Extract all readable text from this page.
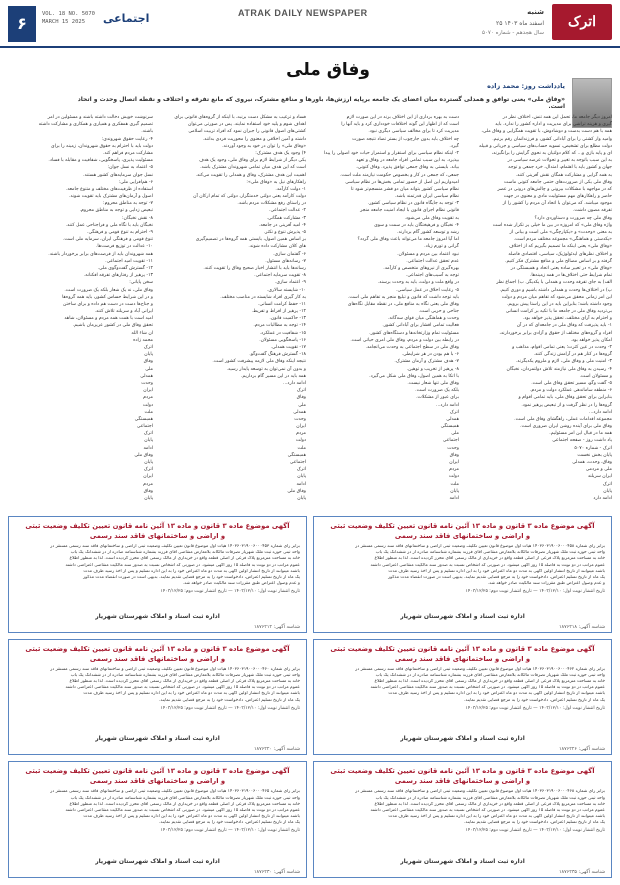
۶	VOL. 18 NO. 5070
MARCH 15 2025	اجتماعی	ATRAK DAILY NEWSPAPER
اترک
شنبه
۲۵ اسفند ماه ۱۴۰۳
سال هجدهم - شماره ۵۰۷۰
وفاق ملی
یادداشت روز: محمد زاده
«وفاق ملی» یعنی توافق و همدلی گسترده میان اعضای یک جامعه برپایه ارزش‌ها، باورها و منافع مشترک، نیروی که مانع تفرقه و اختلاف و نقطه اتصال وحدت و اتحاد است.
امروز دیگر جامعه ما، تحمل این همه تنش، اختلاف نظر در
گیری و هزینه تراشی برای مدیریت و اداره کشور را ندارد. باید
همه با هم دست بدست و دوشادوش، با تقویت همگرایی و وفاق ملی،
وامید وار کشتی را برای آبادانی کشور، و فرزندانمان رقم بزنیم.
دولت مطلع برای تشخیص، تسویه حساب‌های سیاسی و جریانی و قبیله
ای و پایه بازی و... که کلام دولتیان به نحوی گرایش را برانگیزند،
به این سبب باتوجه به تغییر و تحولات عرصه سیاسی در
جهان و کشور باید با اهتمام، امتدال، خرد جمعی و توجه
به همه گرایی و مشارکت همگان نقش آفرینی کنند.
وفاق ملی یکی از ضرورت‌های حتمی جامعه کنونی ماست
که در مواجهه با مشکلات بیرونی و چالش‌های درونی در عصر
حاضر و راهکارهای مهم مسئولیت مادی و معنوی در جهت
موجود میباشد. که می‌توان با اتحاد آن مردم را کشور را از
تفرقه مصون داشت.
وفاق ملی چه ضرورت و دستاوردی دارد؟
واژه وفاق ملی» که امروزه در بین ما خیلی پر تکرار شده است
به معنی «وحدت» و «یکپارچگی» ملی است و بیانی از
«یکدستی و هماهنگی» مجموعه مختلف مردم است.
«وفاق ملی» یعنی اینکه ما تصمیم بگیریم که از اختلاف
و اختلاف نظرهای ایدئولوژیک، سیاسی، اقتصادی فاصله
گرفته و بر اساس مصالح ملی و منافع مشترک فکر کنیم.
«وفاق ملی» در تعبیر ساده یعنی اتحاد و همبستگی در
تمام شرایط حتی اختلاف‌ها در همه زمینه‌ها.
الف) به جای تفرقه وحدت و همدلی با یکدیگر. ب) اجماع نظر
پ) در اختلاف‌ها وحدت و همدلی داشته باشیم و دوری کنیم.
این امر زمانی محقق می‌شود که تفاهم میان مردم و دولت
وجود داشته باشد؛ بنابراین باید در این راستا پیش برویم.
بی‌تردید وفاق ملی در جامعه ما با تکیه بر کرامت انسانی
و احترام به آرای مختلف، تحقق پذیر خواهد بود.
۱- باید پذیرفت که وفاق ملی در جامعه‌ای که در آن
افراد و گروه‌های مختلف از حقوق و آزادی برابر برخوردارند،
امکان پذیر خواهد بود.
۲- وحدت در عین کثرت؛ یعنی تمامی اقوام، مذاهب و
گروه‌ها در کنار هم در آرامش زندگی کنند.
۳- امنیت ملی و وفاق ملی، لازم و ملزوم یکدیگرند.
۴- رسیدن به وفاق ملی نیازمند تلاش دولتمردان، نخبگان
و مسئولان است.
۵- گفت وگو، مسیر تحقق وفاق ملی است.
۶- منطقه ساماندهی عملکرد دولت و مردم.
بنابراین برای تحقق وفاق ملی، باید تمامی اقوام و
گروه‌ها را در نظر گرفت و از تبعیض پرهیز نمود.
ادامه دارد...
مجموعه اقدامات عملی، راهگشای وفاق ملی است.
وفاق ملی برای آینده روشن ایران ضروری است.
همه ما در قبال این امر مسئولیم.
یاد داشت روز - صفحه اجتماعی
اترک - شماره ۵۰۷۰
پایان بخش نخست
وفاق، وحدت، همدلی
ملی و مردمی
ایران سربلند
اترک
پایان
ادامه دارد
دست به بهره برداری از این اختلاف بزند در این صورت لازم
است که از اظهار این گونه اختلافات خودداری کرد و باید آنها را
مدیریت کرد تا برای مخالف سیاسی دیگری نبود.
چه اختلاف باید بدون جارچوب از بستر تضاد نتیجه صورت
گیرد.
۲- اینکه نظام سیاسی برای استقرار و استمرار حیات خود اصولی را پیدا
بپذیرد. به این سبب تمامی افراد جامعه در وفاق و تعهد
بیاند. بایستی به وفاق جمعی توافق پذیرد. وفاق کنونی،
جمعی، که جمعی در کار و بخصوص حکومت نیازمند ملت است.
امیدواریم این اصل از حضور تمامی بخش‌ها در نظام سیاسی
نظام سیاسی کشور بتواند میان دو قشر منسجم‌تر شود تا
نظام سیاسی ایران قدرتمند باشد.
۳- توجه به جایگاه قانون در نظام سیاسی کشور.
قانونی نظام اجرای قانون با ایجاد امنیت جامعه منجر
به تقویت وفاق ملی می‌شود.
۴- نخبگان و فرهیختگان باید در سمت و سوی
رشد و توسعه کشور گام بردارند.
اما آیا امروز جامعه ما می‌تواند باعث وفاق ملی گردد؟
گرانی و تورم زیاد.
نبود اعتماد بین مردم و مسئولان.
عدم تحقق عدالت اجتماعی.
بهره‌گیری از نیروهای متخصص و کارآمد.
توجه به آسیب‌های اجتماعی.
در واقع ملت و دولت، باید به وحدت برسند.
۵- رعایت اخلاق در عمل سیاسی.
باید توجه داشت که قانون و تبلیغ منجر به تفاهم ملی است.
وفاق ملی یعنی نگاه به منافع ملی، در نقطه مقابل نگاه‌های
جناحی و حزبی است.
وحدت و هماهنگی میان قوای سه‌گانه.
فعالیت تمامی اقشار برای آبادانی کشور.
مسئولیت تمام وزارتخانه‌ها و دستگاه‌های کشور.
در رابطه بین دولت و مردم، وفاق ملی امری حیاتی است.
وفاق ملی در سطح اجتماعی به وحدت می‌انجامد.
۶- با هم بودن در هر شرایطی.
۷- هدف مشترک و آرمان مشترک.
۸- پرهیز از تخریب و توهین.
با اتکا به همین اصول، وفاق ملی شکل می‌گیرد.
وفاق ملی تنها شعار نیست.
بلکه یک ضرورت است.
برای عبور از مشکلات.
ادامه دارد...
اترک
همدلی
همبستگی
ملی
اجتماعی
وحدت
وفاق
ایران
مردم
دولت
ملت
پایان
ادامه
فساد و ترغیب به مشکل دست برنبد، با اینکه از گروه‌های قانونی برای
اهداف شوم و پلید خود استفاده نمایند. پس در صورتی می‌توان
کشتی‌های اصول قانونی را جبران نمود که افراد تربیت اسلامی
داشته و آمین اخلاقی و معنوی را محوریت فردی بدانند.
«وفاق ملی» را توان در خود به وجود آوردند.
۴) وجود یک هدف مشترک:
یکی دیگر از شرایط لازم برای وفاق ملی، وجود یک هدف
است که این هدف میان تمامی شهروندان مشترک باشد.
اهمیت این هدف مشترک، وفاق و همدلی را تقویت می‌کند.
راهکارهای نیل به «وفاق ملی»:
۱- دولت کارآمد.
دولت کارآمد یعنی دولتی خدمتگزار، دولتی که تمام ارکان آن
در راستای رفع مشکلات مردم باشد.
۲- عدالت اجتماعی.
۳- مشارکت همگانی.
۴- امید آفرینی در جامعه.
۵- پذیرش تنوع و تکثر.
بر اساس همین اصول، بایستی همه گروه‌ها در تصمیم‌گیری
های کلان مشارکت داده شوند.
۶- گفتمان سازی.
۷- رسانه‌های مسئول.
رسانه‌ها باید با انتشار اخبار صحیح وفاق را تقویت کنند.
۸- تقویت سرمایه اجتماعی.
۹- اعتماد سازی.
۱۰- شایسته سالاری.
به کار گیری افراد شایسته در مناصب مختلف.
۱۱- حفظ کرامت انسانی.
۱۲- پرهیز از افراط و تفریط.
۱۳- حاکمیت قانون.
۱۴- توجه به مطالبات مردم.
۱۵- شفافیت در عملکرد.
۱۶- پاسخگویی مسئولان.
۱۷- تقویت همدلی.
۱۸- گسترش فرهنگ گفت‌وگو.
نتیجه اینکه وفاق ملی لازمه پیشرفت کشور است.
و بدون آن نمی‌توان به توسعه پایدار رسید.
همه باید در این مسیر گام برداریم.
ادامه دارد...
اترک
وفاق
ملی
همدلی
وحدت
ایران
مردم
دولت
ملت
همبستگی
اجتماعی
اترک
پایان
ادامه
وفاق ملی
پایان
سرنوشت خویش دخالت داشته باشند و مسئولین در امر
تصمیم گیری همفکری و همیاری و همکاری و مشارکت داشته
باشند.
۴- رعایت حقوق شهروندی:
دولت باید با احترام به حقوق شهروندان، زمینه را برای
مشارکت مردم فراهم کند.
مسئولیت پذیری، پاسخگویی، شفافیت و مقابله با فساد.
۵- اعتماد به نسل جوان:
نسل جوان سرمایه‌های کشور هستند.
۶- هم‌افزایی ملی:
استفاده از ظرفیت‌های مختلف و متنوع جامعه.
اصول و آرمان‌های مشترک باید تقویت شوند.
۷- توجه به مناطق محروم:
تبعیض زدایی و توجه به مناطق محروم.
۸- نقش نخبگان:
نخبگان باید با نگاه ملی و فراجناحی عمل کنند.
۹- احترام به تنوع قومی و فرهنگی.
تنوع قومی و فرهنگی ایران، سرمایه ملی است.
۱۰- عدالت در توزیع فرصت‌ها.
همه شهروندان باید از فرصت‌های برابر برخوردار باشند.
۱۱- تقویت امید اجتماعی.
۱۲- گسترش گفت‌وگوی ملی.
۱۳- پرهیز از رفتارهای تفرقه افکنانه.
سخن پایانی:
وفاق ملی، نه یک شعار بلکه یک ضرورت است.
و در این شرایط حساس کشور، باید همه گروه‌ها
و جناح‌ها دست در دست هم داده و برای ساختن
ایرانی آباد و سربلند تلاش کنند.
امید است با همت همه مردم و مسئولان، شاهد
تحقق وفاق ملی در کشور عزیزمان باشیم.
ان شاء الله
محمد زاده
اترک
پایان
وفاق
ملی
همدلی
وحدت
ایران
مردم
دولت
ملت
همبستگی
اجتماعی
اترک
پایان
ادامه
وفاق ملی
پایان
اترک
ایران
مردم
وفاق
پایان
آگهی موضوع ماده ۳ قانون و ماده ۱۳ آئین نامه قانون تعیین تکلیف وضعیت ثبتی
و اراضی و ساختمانهای فاقد سند رسمی
برابر رای شماره ۱۴۰۳۶۰۳۱۹۰۰۶۰۰۰۴۵۳ هیات اول موضوع قانون تعیین تکلیف وضعیت ثبتی اراضی و ساختمانهای فاقد سند رسمی مستقر در
واحد ثبتی حوزه ثبت ملک شهریار تصرفات مالکانه بلامعارض متقاضی آقای فرزند بشماره شناسنامه صادره از در ششدانگ یک باب
خانه به مساحت مترمربع پلاک فرعی از اصلی قطعه واقع در خریداری از مالک رسمی آقای محرز گردیده است. لذا به منظور اطلاع
عموم مراتب در دو نوبت به فاصله ۱۵ روز آگهی میشود. در صورتی که اشخاص نسبت به صدور سند مالکیت متقاضی اعتراضی داشته
باشند میتوانند از تاریخ انتشار اولین آگهی به مدت دو ماه اعتراض خود را به این اداره تسلیم و پس از اخذ رسید ظرف مدت
یک ماه از تاریخ تسلیم اعتراض، دادخواست خود را به مرجع قضایی تقدیم نمایند. بدیهی است در صورت انقضاء مدت مذکور
و عدم وصول اعتراض طبق مقررات سند مالکیت صادر خواهد شد.
تاریخ انتشار نوبت اول: ۱۴۰۳/۱۲/۱۰ — تاریخ انتشار نوبت دوم: ۱۴۰۳/۱۲/۲۵
اداره ثبت اسناد و املاک شهرستان شهریار
شناسه آگهی: ۱۸۷۶۲۱۲
آگهی موضوع ماده ۳ قانون و ماده ۱۳ آئین نامه قانون تعیین تکلیف وضعیت ثبتی
و اراضی و ساختمانهای فاقد سند رسمی
برابر رای شماره ۱۴۰۳۶۰۳۱۹۰۰۶۰۰۰۴۵۸ هیات اول موضوع قانون تعیین تکلیف وضعیت ثبتی اراضی و ساختمانهای فاقد سند رسمی مستقر در
واحد ثبتی حوزه ثبت ملک شهریار تصرفات مالکانه بلامعارض متقاضی آقای فرزند بشماره شناسنامه صادره از در ششدانگ یک باب
خانه به مساحت مترمربع پلاک فرعی از اصلی قطعه واقع در خریداری از مالک رسمی آقای محرز گردیده است. لذا به منظور اطلاع
عموم مراتب در دو نوبت به فاصله ۱۵ روز آگهی میشود. در صورتی که اشخاص نسبت به صدور سند مالکیت متقاضی اعتراضی داشته
باشند میتوانند از تاریخ انتشار اولین آگهی به مدت دو ماه اعتراض خود را به این اداره تسلیم و پس از اخذ رسید ظرف مدت
یک ماه از تاریخ تسلیم اعتراض، دادخواست خود را به مرجع قضایی تقدیم نمایند. بدیهی است در صورت انقضاء مدت مذکور
و عدم وصول اعتراض طبق مقررات سند مالکیت صادر خواهد شد.
تاریخ انتشار نوبت اول: ۱۴۰۳/۱۲/۱۰ — تاریخ انتشار نوبت دوم: ۱۴۰۳/۱۲/۲۵
اداره ثبت اسناد و املاک شهرستان شهریار
شناسه آگهی: ۱۸۷۶۲۱۸
آگهی موضوع ماده ۳ قانون و ماده ۱۳ آئین نامه قانون تعیین تکلیف وضعیت ثبتی
و اراضی و ساختمانهای فاقد سند رسمی
برابر رای شماره ۱۴۰۳۶۰۳۱۹۰۰۶۰۰۰۴۶۰ هیات اول موضوع قانون تعیین تکلیف وضعیت ثبتی اراضی و ساختمانهای فاقد سند رسمی مستقر در
واحد ثبتی حوزه ثبت ملک شهریار تصرفات مالکانه بلامعارض متقاضی آقای فرزند بشماره شناسنامه صادره از در ششدانگ یک باب
خانه به مساحت مترمربع پلاک فرعی از اصلی قطعه واقع در خریداری از مالک رسمی آقای محرز گردیده است. لذا به منظور اطلاع
عموم مراتب در دو نوبت به فاصله ۱۵ روز آگهی میشود. در صورتی که اشخاص نسبت به صدور سند مالکیت متقاضی اعتراضی داشته
باشند میتوانند از تاریخ انتشار اولین آگهی به مدت دو ماه اعتراض خود را به این اداره تسلیم و پس از اخذ رسید ظرف مدت
یک ماه از تاریخ تسلیم اعتراض، دادخواست خود را به مرجع قضایی تقدیم نمایند.
تاریخ انتشار نوبت اول: ۱۴۰۳/۱۲/۱۰ — تاریخ انتشار نوبت دوم: ۱۴۰۳/۱۲/۲۵
اداره ثبت اسناد و املاک شهرستان شهریار
شناسه آگهی: ۱۸۷۶۲۲۰
آگهی موضوع ماده ۳ قانون و ماده ۱۳ آئین نامه قانون تعیین تکلیف وضعیت ثبتی
و اراضی و ساختمانهای فاقد سند رسمی
برابر رای شماره ۱۴۰۳۶۰۳۱۹۰۰۶۰۰۰۴۶۲ هیات اول موضوع قانون تعیین تکلیف وضعیت ثبتی اراضی و ساختمانهای فاقد سند رسمی مستقر در
واحد ثبتی حوزه ثبت ملک شهریار تصرفات مالکانه بلامعارض متقاضی آقای فرزند بشماره شناسنامه صادره از در ششدانگ یک باب
خانه به مساحت مترمربع پلاک فرعی از اصلی قطعه واقع در خریداری از مالک رسمی آقای محرز گردیده است. لذا به منظور اطلاع
عموم مراتب در دو نوبت به فاصله ۱۵ روز آگهی میشود. در صورتی که اشخاص نسبت به صدور سند مالکیت متقاضی اعتراضی داشته
باشند میتوانند از تاریخ انتشار اولین آگهی به مدت دو ماه اعتراض خود را به این اداره تسلیم و پس از اخذ رسید ظرف مدت
یک ماه از تاریخ تسلیم اعتراض، دادخواست خود را به مرجع قضایی تقدیم نمایند.
تاریخ انتشار نوبت اول: ۱۴۰۳/۱۲/۱۰ — تاریخ انتشار نوبت دوم: ۱۴۰۳/۱۲/۲۵
اداره ثبت اسناد و املاک شهرستان شهریار
شناسه آگهی: ۱۸۷۶۲۲۶
آگهی موضوع ماده ۳ قانون و ماده ۱۳ آئین نامه قانون تعیین تکلیف وضعیت ثبتی
و اراضی و ساختمانهای فاقد سند رسمی
برابر رای شماره ۱۴۰۳۶۰۳۱۹۰۰۶۰۰۰۴۶۵ هیات اول موضوع قانون تعیین تکلیف وضعیت ثبتی اراضی و ساختمانهای فاقد سند رسمی مستقر در
واحد ثبتی حوزه ثبت ملک شهریار تصرفات مالکانه بلامعارض متقاضی آقای فرزند بشماره شناسنامه صادره از در ششدانگ یک باب
خانه به مساحت مترمربع پلاک فرعی از اصلی قطعه واقع در خریداری از مالک رسمی آقای محرز گردیده است. لذا به منظور اطلاع
عموم مراتب در دو نوبت به فاصله ۱۵ روز آگهی میشود. در صورتی که اشخاص نسبت به صدور سند مالکیت متقاضی اعتراضی داشته
باشند میتوانند از تاریخ انتشار اولین آگهی به مدت دو ماه اعتراض خود را به این اداره تسلیم و پس از اخذ رسید ظرف مدت
یک ماه از تاریخ تسلیم اعتراض، دادخواست خود را به مرجع قضایی تقدیم نمایند.
تاریخ انتشار نوبت اول: ۱۴۰۳/۱۲/۱۰ — تاریخ انتشار نوبت دوم: ۱۴۰۳/۱۲/۲۵
اداره ثبت اسناد و املاک شهرستان شهریار
شناسه آگهی: ۱۸۷۶۲۳۰
آگهی موضوع ماده ۳ قانون و ماده ۱۳ آئین نامه قانون تعیین تکلیف وضعیت ثبتی
و اراضی و ساختمانهای فاقد سند رسمی
برابر رای شماره ۱۴۰۳۶۰۳۱۹۰۰۶۰۰۰۴۶۸ هیات اول موضوع قانون تعیین تکلیف وضعیت ثبتی اراضی و ساختمانهای فاقد سند رسمی مستقر در
واحد ثبتی حوزه ثبت ملک شهریار تصرفات مالکانه بلامعارض متقاضی آقای فرزند بشماره شناسنامه صادره از در ششدانگ یک باب
خانه به مساحت مترمربع پلاک فرعی از اصلی قطعه واقع در خریداری از مالک رسمی آقای محرز گردیده است. لذا به منظور اطلاع
عموم مراتب در دو نوبت به فاصله ۱۵ روز آگهی میشود. در صورتی که اشخاص نسبت به صدور سند مالکیت متقاضی اعتراضی داشته
باشند میتوانند از تاریخ انتشار اولین آگهی به مدت دو ماه اعتراض خود را به این اداره تسلیم و پس از اخذ رسید ظرف مدت
یک ماه از تاریخ تسلیم اعتراض، دادخواست خود را به مرجع قضایی تقدیم نمایند.
تاریخ انتشار نوبت اول: ۱۴۰۳/۱۲/۱۰ — تاریخ انتشار نوبت دوم: ۱۴۰۳/۱۲/۲۵
اداره ثبت اسناد و املاک شهرستان شهریار
شناسه آگهی: ۱۸۷۶۲۳۵
